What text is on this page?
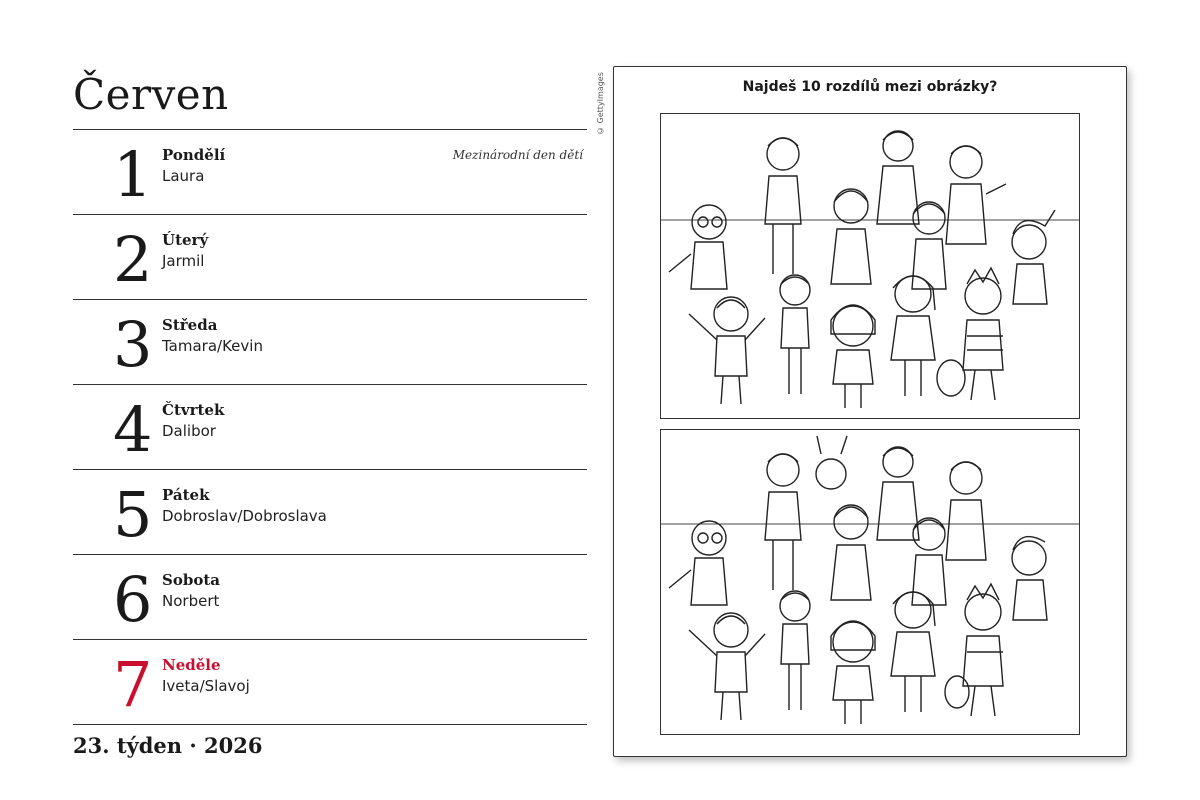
Červen
1 Pondělí
Laura
Mezinárodní den dětí
2 Úterý
Jarmil
3 Středa
Tamara/Kevin
4 Čtvrtek
Dalibor
5 Pátek
Dobroslav/Dobroslava
6 Sobota
Norbert
7 Neděle
Iveta/Slavoj
23. týden · 2026
© GettyImages	Najdeš 10 rozdílů mezi obrázky?
